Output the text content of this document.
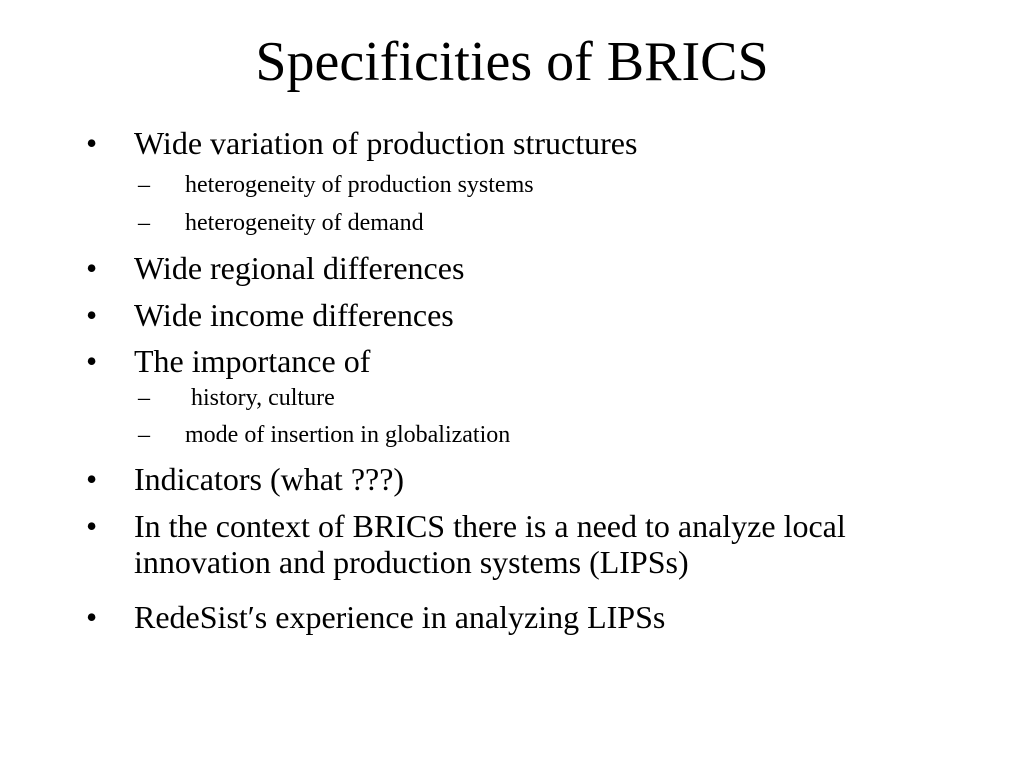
Specificities of BRICS
• Wide variation of production structures
– heterogeneity of production systems
– heterogeneity of demand
• Wide regional differences
• Wide income differences
• The importance of
– history, culture
– mode of insertion in globalization
• Indicators (what ???)
• In the context of BRICS there is a need to analyze local innovation and production systems (LIPSs)
• RedeSist′s experience in analyzing LIPSs
